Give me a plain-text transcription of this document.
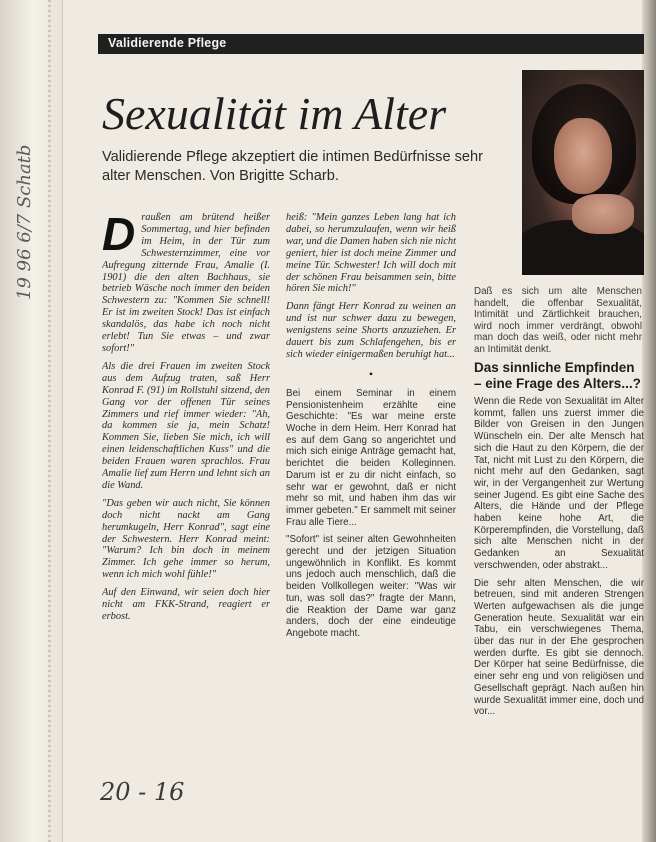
19 96 6/7 Schatb
Validierende Pflege
Sexualität im Alter
Validierende Pflege akzeptiert die intimen Bedürfnisse sehr alter Menschen. Von Brigitte Scharb.
D raußen am brütend heißer Sommertag, und hier befinden im Heim, in der Tür zum Schwesternzimmer, eine vor Aufregung zitternde Frau, Amalie (I. 1901) die den alten Bachhaus, sie betrieb Wäsche noch immer den beiden Schwestern zu: "Kommen Sie schnell! Er ist im zweiten Stock! Das ist einfach skandalös, das habe ich noch nicht erlebt! Tun Sie etwas – und zwar sofort!"

Als die drei Frauen im zweiten Stock aus dem Aufzug traten, saß Herr Konrad F. (91) im Rollstuhl sitzend, den Gang vor der offenen Tür seines Zimmers und rief immer wieder: "Ah, da kommen sie ja, mein Schatz! Kommen Sie, lieben Sie mich, ich will einen leidenschaftlichen Kuss" und die beiden Frauen waren sprachlos. Frau Amalie lief zum Herrn und lehnt sich an die Wand.

"Das geben wir auch nicht, Sie können doch nicht nackt am Gang herumkugeln, Herr Konrad", sagt eine der Schwestern. Herr Konrad meint: "Warum? Ich bin doch in meinem Zimmer. Ich gehe immer so herum, wenn ich mich wohl fühle!"

Auf den Einwand, wir seien doch hier nicht am FKK-Strand, reagiert er erbost.

heiß: "Mein ganzes Leben lang hat ich dabei, so herumzulaufen, wenn wir heiß war, und die Damen haben sich nie nicht geniert, hier ist doch meine Zimmer und meine Tür. Schwester! Ich will doch mit der schönen Frau beisammen sein, bitte hören Sie mich!"

Dann fängt Herr Konrad zu weinen an und ist nur schwer dazu zu bewegen, wenigstens seine Shorts anzuziehen. Er dauert bis zum Schlafengehen, bis er sich wieder einigermaßen beruhigt hat...

•

Bei einem Seminar in einem Pensionistenheim erzählte eine Geschichte: "Es war meine erste Woche in dem Heim. Herr Konrad hat es auf dem Gang so angerichtet und mich sich einige Anträge gemacht hat, berichtet die beiden Kolleginnen. Darum ist er zu dir nicht einfach, so sehr war er gewohnt, daß er nicht mehr so mit, und haben ihm das wir immer gebeten." Er sammelt mit seiner Frau alle Tiere...

"Sofort" ist seiner alten Gewohnheiten gerecht und der jetzigen Situation ungewöhnlich in Konflikt. Es kommt uns jedoch auch menschlich, daß die beiden Vollkollegen weiter: "Was wir tun, was soll das?" fragte der Mann, die Reaktion der Dame war ganz anders, doch der eine eindeutige Angebote macht.

Daß es sich um alte Menschen handelt, die offenbar Sexualität, Intimität und Zärtlichkeit brauchen, wird noch immer verdrängt, obwohl man doch das weiß, oder nicht mehr an Intimität denkt.
Das sinnliche Empfinden – eine Frage des Alters...?

Wenn die Rede von Sexualität im Alter kommt, fallen uns zuerst immer die Bilder von Greisen in den Jungen Wünscheln ein. Der alte Mensch hat sich die Haut zu den Körpern, die der Tat, nicht mit Lust zu den Körpern, die nicht mehr auf den Gedanken, sagt wir, in der Vergangenheit zur Wertung seiner Jugend. Es gibt eine Sache des Alters, die Hände und der Pflege haben keine hohe Art, die Körperempfinden, die Vorstellung, daß sich alte Menschen nicht in der Gedanken an Sexualität verschwenden, oder abstrakt...

Die sehr alten Menschen, die wir betreuen, sind mit anderen Strengen Werten aufgewachsen als die junge Generation heute. Sexualität war ein Tabu, ein verschwiegenes Thema, über das nur in der Ehe gesprochen werden durfte. Es gibt sie dennoch. Der Körper hat seine Bedürfnisse, die einer sehr eng und von religiösen und Gesellschaft geprägt. Nach außen hin wurde Sexualität immer eine, doch und vor...

20 - 16
